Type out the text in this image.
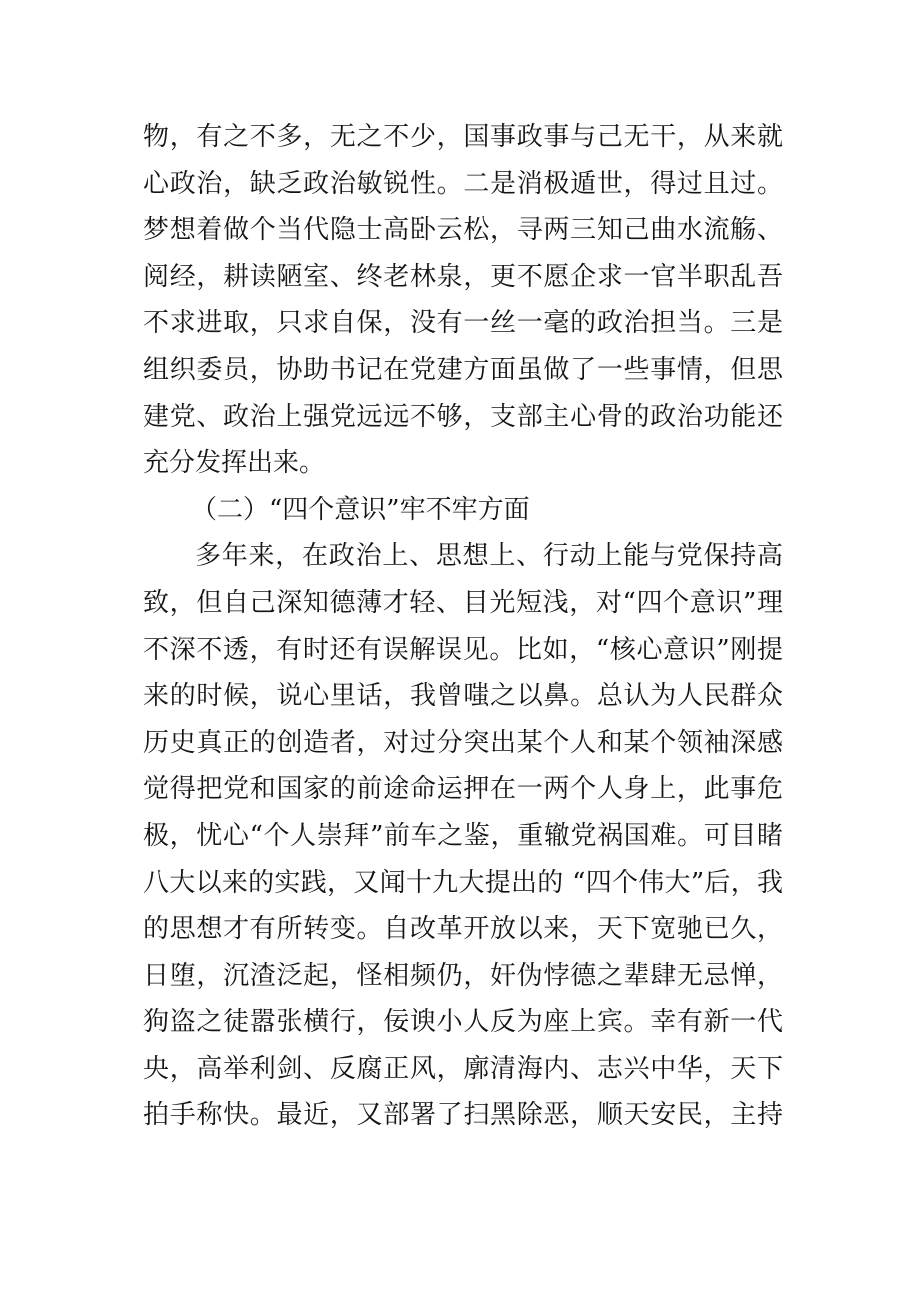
物，有之不多，无之不少，国事政事与己无干，从来就
心政治，缺乏政治敏锐性。二是消极遁世，得过且过。
梦想着做个当代隐士高卧云松，寻两三知己曲水流觞、
阅经，耕读陋室、终老林泉，更不愿企求一官半职乱吾
不求进取，只求自保，没有一丝一毫的政治担当。三是
组织委员，协助书记在党建方面虽做了一些事情，但思
建党、政治上强党远远不够，支部主心骨的政治功能还
充分发挥出来。
（二）“四个意识”牢不牢方面
多年来，在政治上、思想上、行动上能与党保持高
致，但自己深知德薄才轻、目光短浅，对“四个意识”理
不深不透，有时还有误解误见。比如，“核心意识”刚提
来的时候，说心里话，我曾嗤之以鼻。总认为人民群众
历史真正的创造者，对过分突出某个人和某个领袖深感
觉得把党和国家的前途命运押在一两个人身上，此事危
极，忧心“个人崇拜”前车之鉴，重辙党祸国难。可目睹
八大以来的实践，又闻十九大提出的 “四个伟大”后，我
的思想才有所转变。自改革开放以来，天下宽驰已久，
日堕，沉渣泛起，怪相频仍，奸伪悖德之辈肆无忌惮，
狗盗之徒嚣张横行，佞谀小人反为座上宾。幸有新一代
央，高举利剑、反腐正风，廓清海内、志兴中华，天下
拍手称快。最近，又部署了扫黑除恶，顺天安民，主持
